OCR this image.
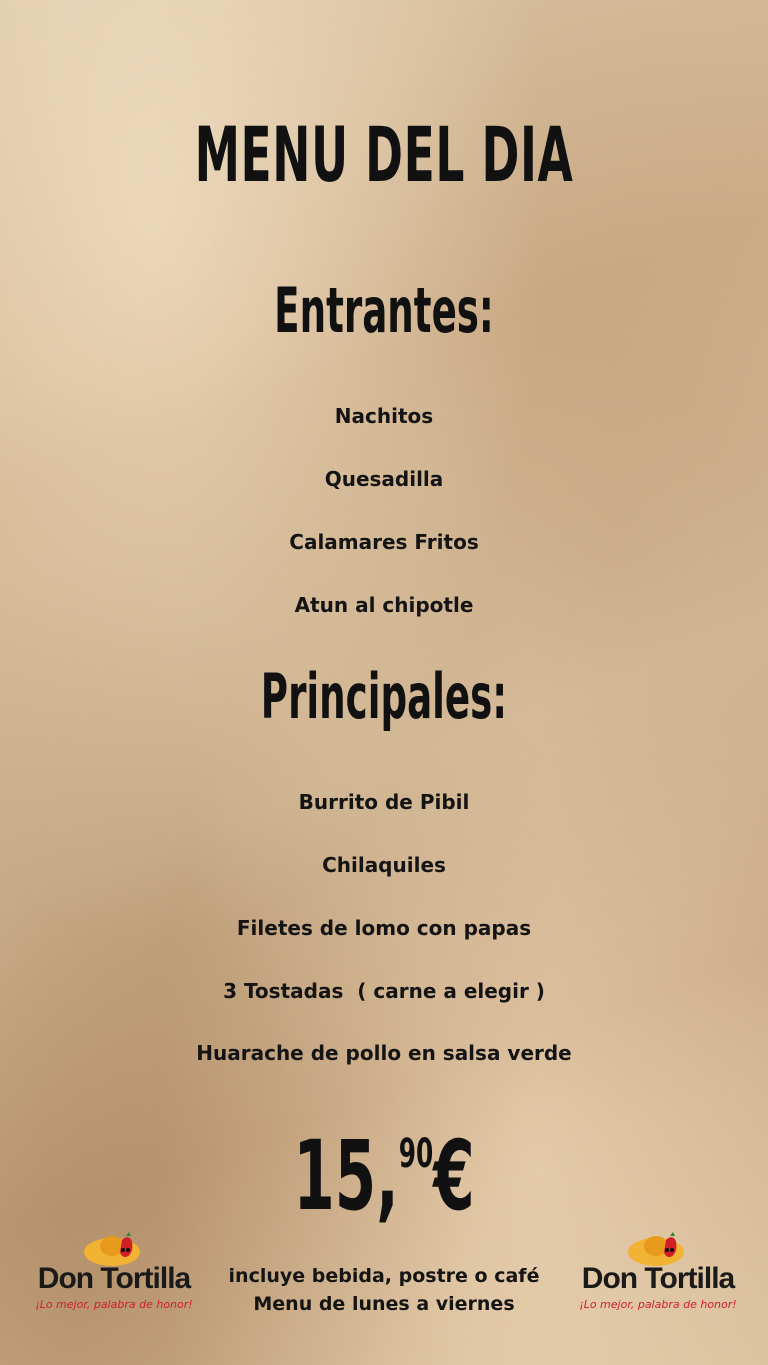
MENU DEL DIA
Entrantes:
Nachitos
Quesadilla
Calamares Fritos
Atun al chipotle
Principales:
Burrito de Pibil
Chilaquiles
Filetes de lomo con papas
3 Tostadas  ( carne a elegir )
Huarache de pollo en salsa verde
15,90€
incluye bebida, postre o café
Menu de lunes a viernes
Don Tortilla
¡Lo mejor, palabra de honor!
Don Tortilla
¡Lo mejor, palabra de honor!
